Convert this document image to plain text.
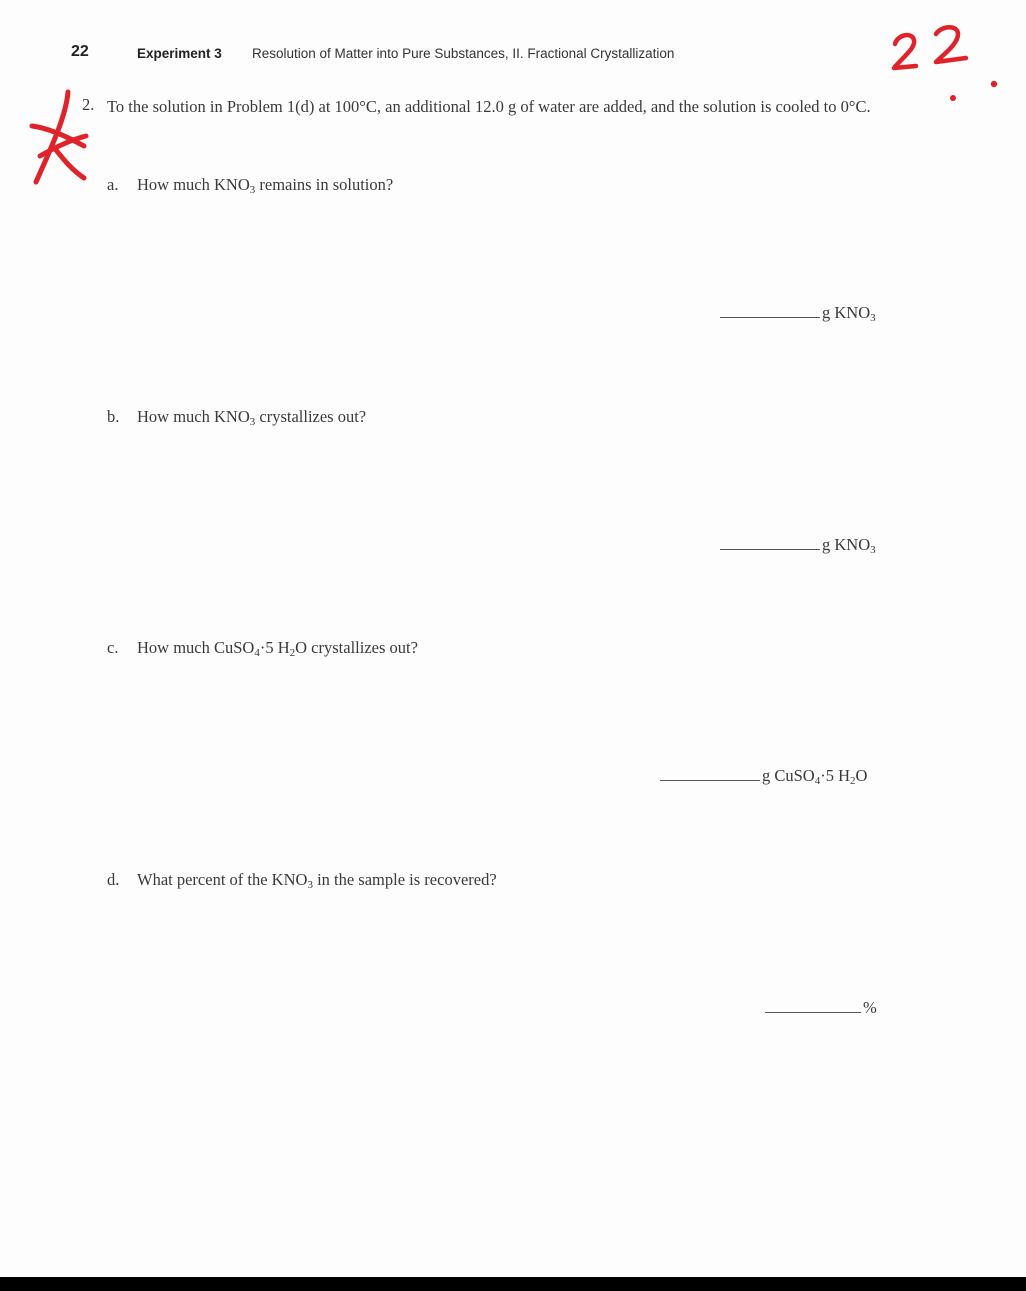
22	Experiment 3 Resolution of Matter into Pure Substances, II. Fractional Crystallization
2. To the solution in Problem 1(d) at 100°C, an additional 12.0 g of water are added, and the solution is cooled to 0°C.
a. How much $KNO_3$ remains in solution?
g $KNO_3$
b. How much $KNO_3$ crystallizes out?
g $KNO_3$
c. How much CuSO$_4$·5 $H_2O$ crystallizes out?
g CuSO$_4$·5 $H_2O$
d. What percent of the $KNO_3$ in the sample is recovered?
%
